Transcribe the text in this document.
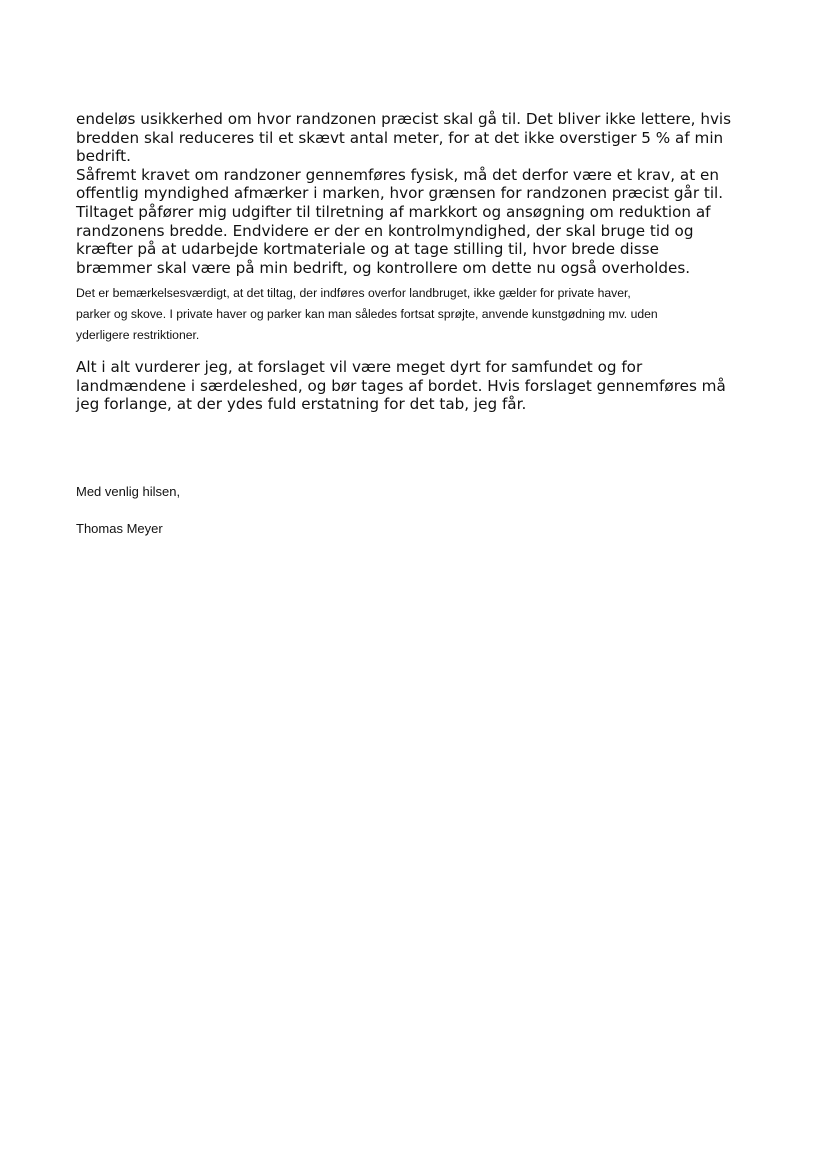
endeløs usikkerhed om hvor randzonen præcist skal gå til. Det bliver ikke lettere, hvis
bredden skal reduceres til et skævt antal meter, for at det ikke overstiger 5 % af min
bedrift.
Såfremt kravet om randzoner gennemføres fysisk, må det derfor være et krav, at en
offentlig myndighed afmærker i marken, hvor grænsen for randzonen præcist går til.
Tiltaget påfører mig udgifter til tilretning af markkort og ansøgning om reduktion af
randzonens bredde. Endvidere er der en kontrolmyndighed, der skal bruge tid og
kræfter på at udarbejde kortmateriale og at tage stilling til, hvor brede disse
bræmmer skal være på min bedrift, og kontrollere om dette nu også overholdes.
Det er bemærkelsesværdigt, at det tiltag, der indføres overfor landbruget, ikke gælder for private haver,
parker og skove. I private haver og parker kan man således fortsat sprøjte, anvende kunstgødning mv. uden
yderligere restriktioner.
Alt i alt vurderer jeg, at forslaget vil være meget dyrt for samfundet og for
landmændene i særdeleshed, og bør tages af bordet. Hvis forslaget gennemføres må
jeg forlange, at der ydes fuld erstatning for det tab, jeg får.
Med venlig hilsen,
Thomas Meyer
